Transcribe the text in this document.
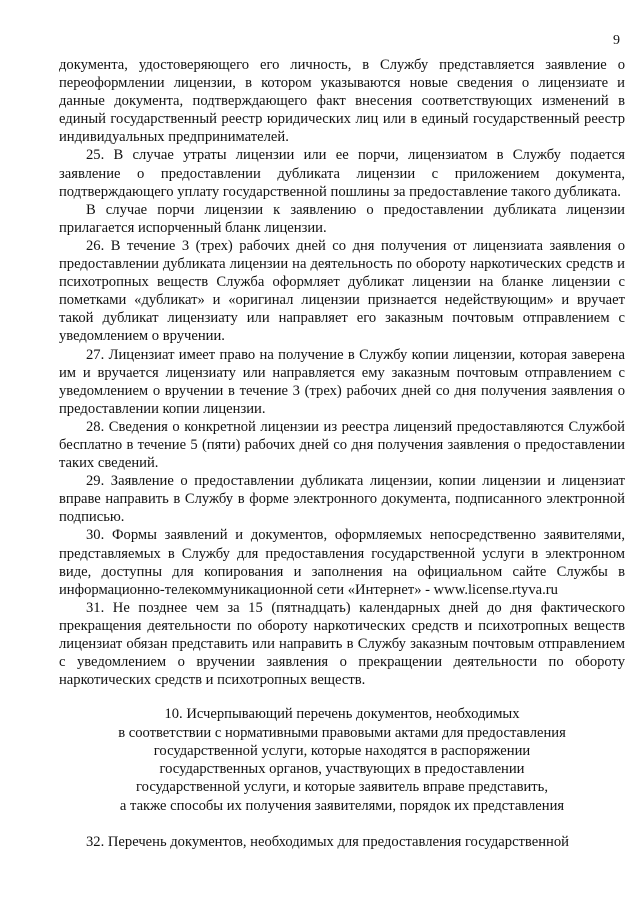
9

документа, удостоверяющего его личность, в Службу представляется заявление о переоформлении лицензии, в котором указываются новые сведения о лицензиате и данные документа, подтверждающего факт внесения соответствующих изменений в единый государственный реестр юридических лиц или в единый государственный реестр индивидуальных предпринимателей.

25. В случае утраты лицензии или ее порчи, лицензиатом в Службу подается заявление о предоставлении дубликата лицензии с приложением документа, подтверждающего уплату государственной пошлины за предоставление такого дубликата.

В случае порчи лицензии к заявлению о предоставлении дубликата лицензии прилагается испорченный бланк лицензии.

26. В течение 3 (трех) рабочих дней со дня получения от лицензиата заявления о предоставлении дубликата лицензии на деятельность по обороту наркотических средств и психотропных веществ Служба оформляет дубликат лицензии на бланке лицензии с пометками «дубликат» и «оригинал лицензии признается недействующим» и вручает такой дубликат лицензиату или направляет его заказным почтовым отправлением с уведомлением о вручении.

27. Лицензиат имеет право на получение в Службу копии лицензии, которая заверена им и вручается лицензиату или направляется ему заказным почтовым отправлением с уведомлением о вручении в течение 3 (трех) рабочих дней со дня получения заявления о предоставлении копии лицензии.

28. Сведения о конкретной лицензии из реестра лицензий предоставляются Службой бесплатно в течение 5 (пяти) рабочих дней со дня получения заявления о предоставлении таких сведений.

29. Заявление о предоставлении дубликата лицензии, копии лицензии и лицензиат вправе направить в Службу в форме электронного документа, подписанного электронной подписью.

30. Формы заявлений и документов, оформляемых непосредственно заявителями, представляемых в Службу для предоставления государственной услуги в электронном виде, доступны для копирования и заполнения на официальном сайте Службы в информационно-телекоммуникационной сети «Интернет» - www.license.rtyva.ru

31. Не позднее чем за 15 (пятнадцать) календарных дней до дня фактического прекращения деятельности по обороту наркотических средств и психотропных веществ лицензиат обязан представить или направить в Службу заказным почтовым отправлением с уведомлением о вручении заявления о прекращении деятельности по обороту наркотических средств и психотропных веществ.

10. Исчерпывающий перечень документов, необходимых
в соответствии с нормативными правовыми актами для предоставления
государственной услуги, которые находятся в распоряжении
государственных органов, участвующих в предоставлении
государственной услуги, и которые заявитель вправе представить,
а также способы их получения заявителями, порядок их представления

32. Перечень документов, необходимых для предоставления государственной
